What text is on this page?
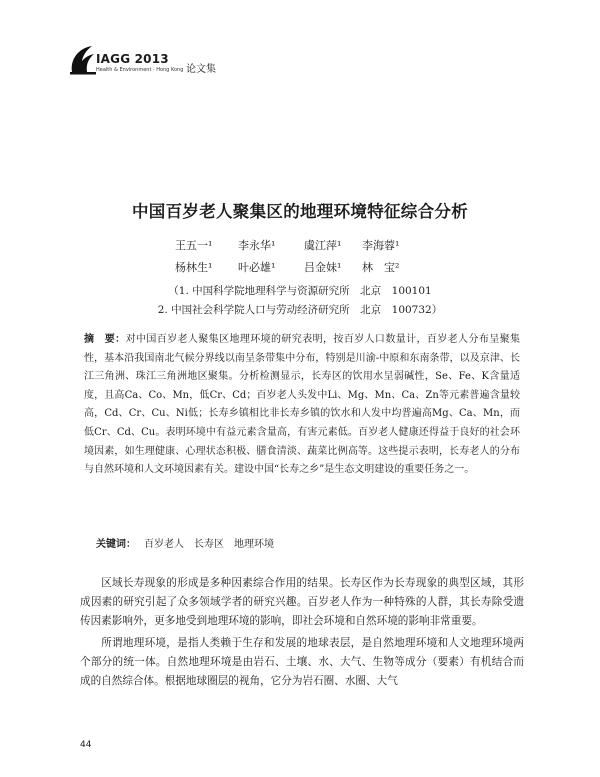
IAGG 2013
Health & Environment · Hong Kong 论文集
中国百岁老人聚集区的地理环境特征综合分析
王五一¹ 李永华¹	虞江萍¹ 李海蓉¹
杨林生¹ 叶必雄¹	吕金妹¹ 林　宝²
（1. 中国科学院地理科学与资源研究所　北京　100101
2. 中国社会科学院人口与劳动经济研究所　北京　100732）
摘　要：对中国百岁老人聚集区地理环境的研究表明，按百岁人口数量计，百岁老人分布呈聚集性，基本沿我国南北气候分界线以南呈条带集中分布，特别是川渝-中原和东南条带，以及京津、长江三角洲、珠江三角洲地区聚集。分析检测显示，长寿区的饮用水呈弱碱性，Se、Fe、K含量适度，且高Ca、Co、Mn，低Cr、Cd；百岁老人头发中Li、Mg、Mn、Ca、Zn等元素普遍含量较高，Cd、Cr、Cu、Ni低；长寿乡镇相比非长寿乡镇的饮水和人发中均普遍高Mg、Ca、Mn，而低Cr、Cd、Cu。表明环境中有益元素含量高，有害元素低。百岁老人健康还得益于良好的社会环境因素，如生理健康、心理状态积极、膳食清淡、蔬菜比例高等。这些提示表明，长寿老人的分布与自然环境和人文环境因素有关。建设中国“长寿之乡”是生态文明建设的重要任务之一。
关键词： 百岁老人　长寿区　地理环境

区域长寿现象的形成是多种因素综合作用的结果。长寿区作为长寿现象的典型区域，其形成因素的研究引起了众多领域学者的研究兴趣。百岁老人作为一种特殊的人群，其长寿除受遗传因素影响外，更多地受到地理环境的影响，即社会环境和自然环境的影响非常重要。

所谓地理环境，是指人类赖于生存和发展的地球表层，是自然地理环境和人文地理环境两个部分的统一体。自然地理环境是由岩石、土壤、水、大气、生物等成分（要素）有机结合而成的自然综合体。根据地球圈层的视角，它分为岩石圈、水圈、大气

44
